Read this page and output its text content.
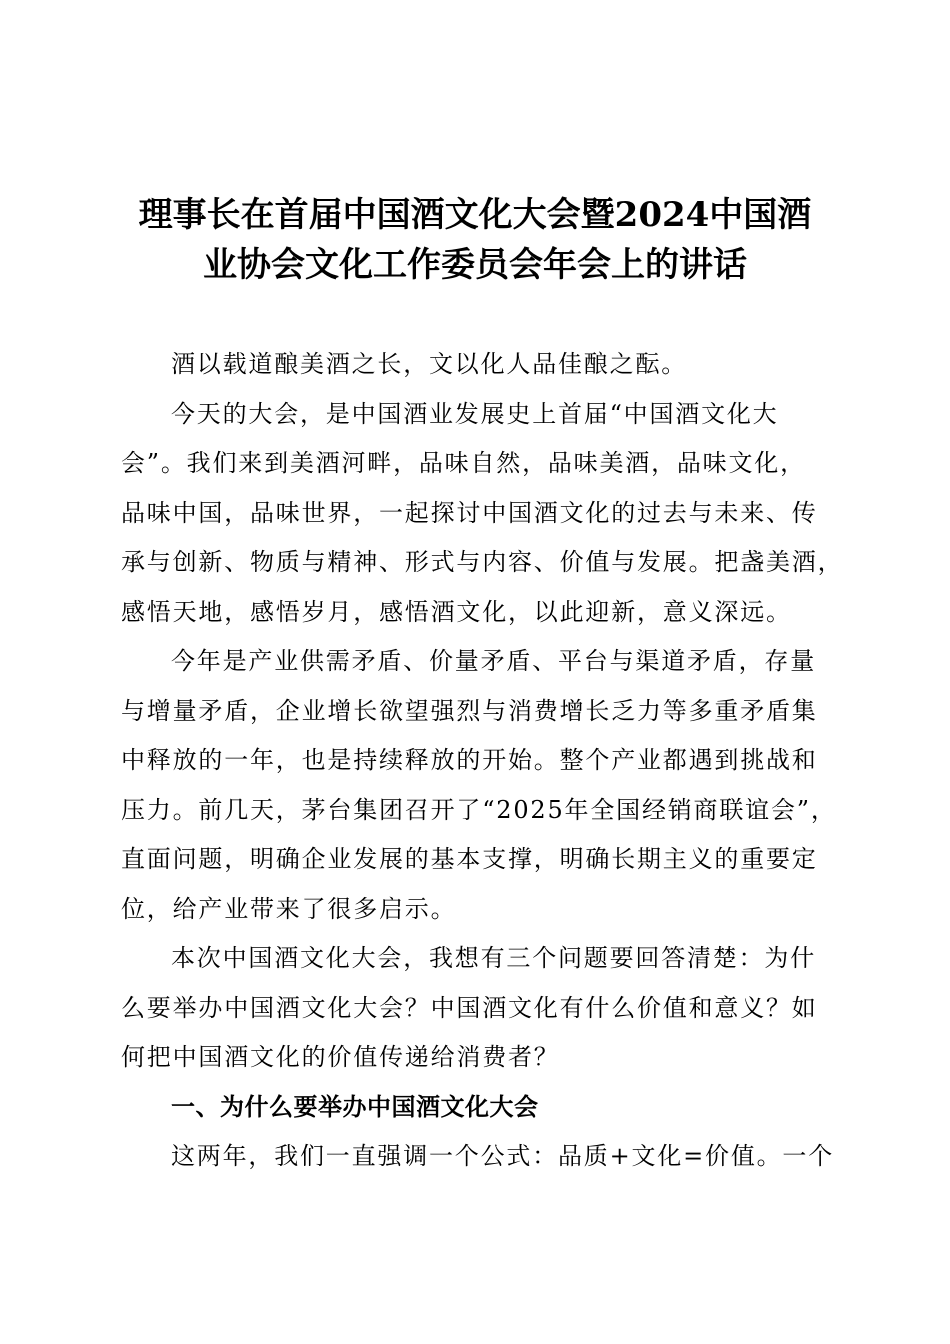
理事长在首届中国酒文化大会暨2024中国酒
业协会文化工作委员会年会上的讲话
酒以载道酿美酒之长，文以化人品佳酿之酝。
今天的大会，是中国酒业发展史上首届“中国酒文化大
会”。我们来到美酒河畔，品味自然，品味美酒，品味文化，
品味中国，品味世界，一起探讨中国酒文化的过去与未来、传
承与创新、物质与精神、形式与内容、价值与发展。把盏美酒，
感悟天地，感悟岁月，感悟酒文化，以此迎新，意义深远。
今年是产业供需矛盾、价量矛盾、平台与渠道矛盾，存量
与增量矛盾，企业增长欲望强烈与消费增长乏力等多重矛盾集
中释放的一年，也是持续释放的开始。整个产业都遇到挑战和
压力。前几天，茅台集团召开了“2025年全国经销商联谊会”，
直面问题，明确企业发展的基本支撑，明确长期主义的重要定
位，给产业带来了很多启示。
本次中国酒文化大会，我想有三个问题要回答清楚：为什
么要举办中国酒文化大会？中国酒文化有什么价值和意义？如
何把中国酒文化的价值传递给消费者？
一、为什么要举办中国酒文化大会
这两年，我们一直强调一个公式：品质+文化=价值。一个
